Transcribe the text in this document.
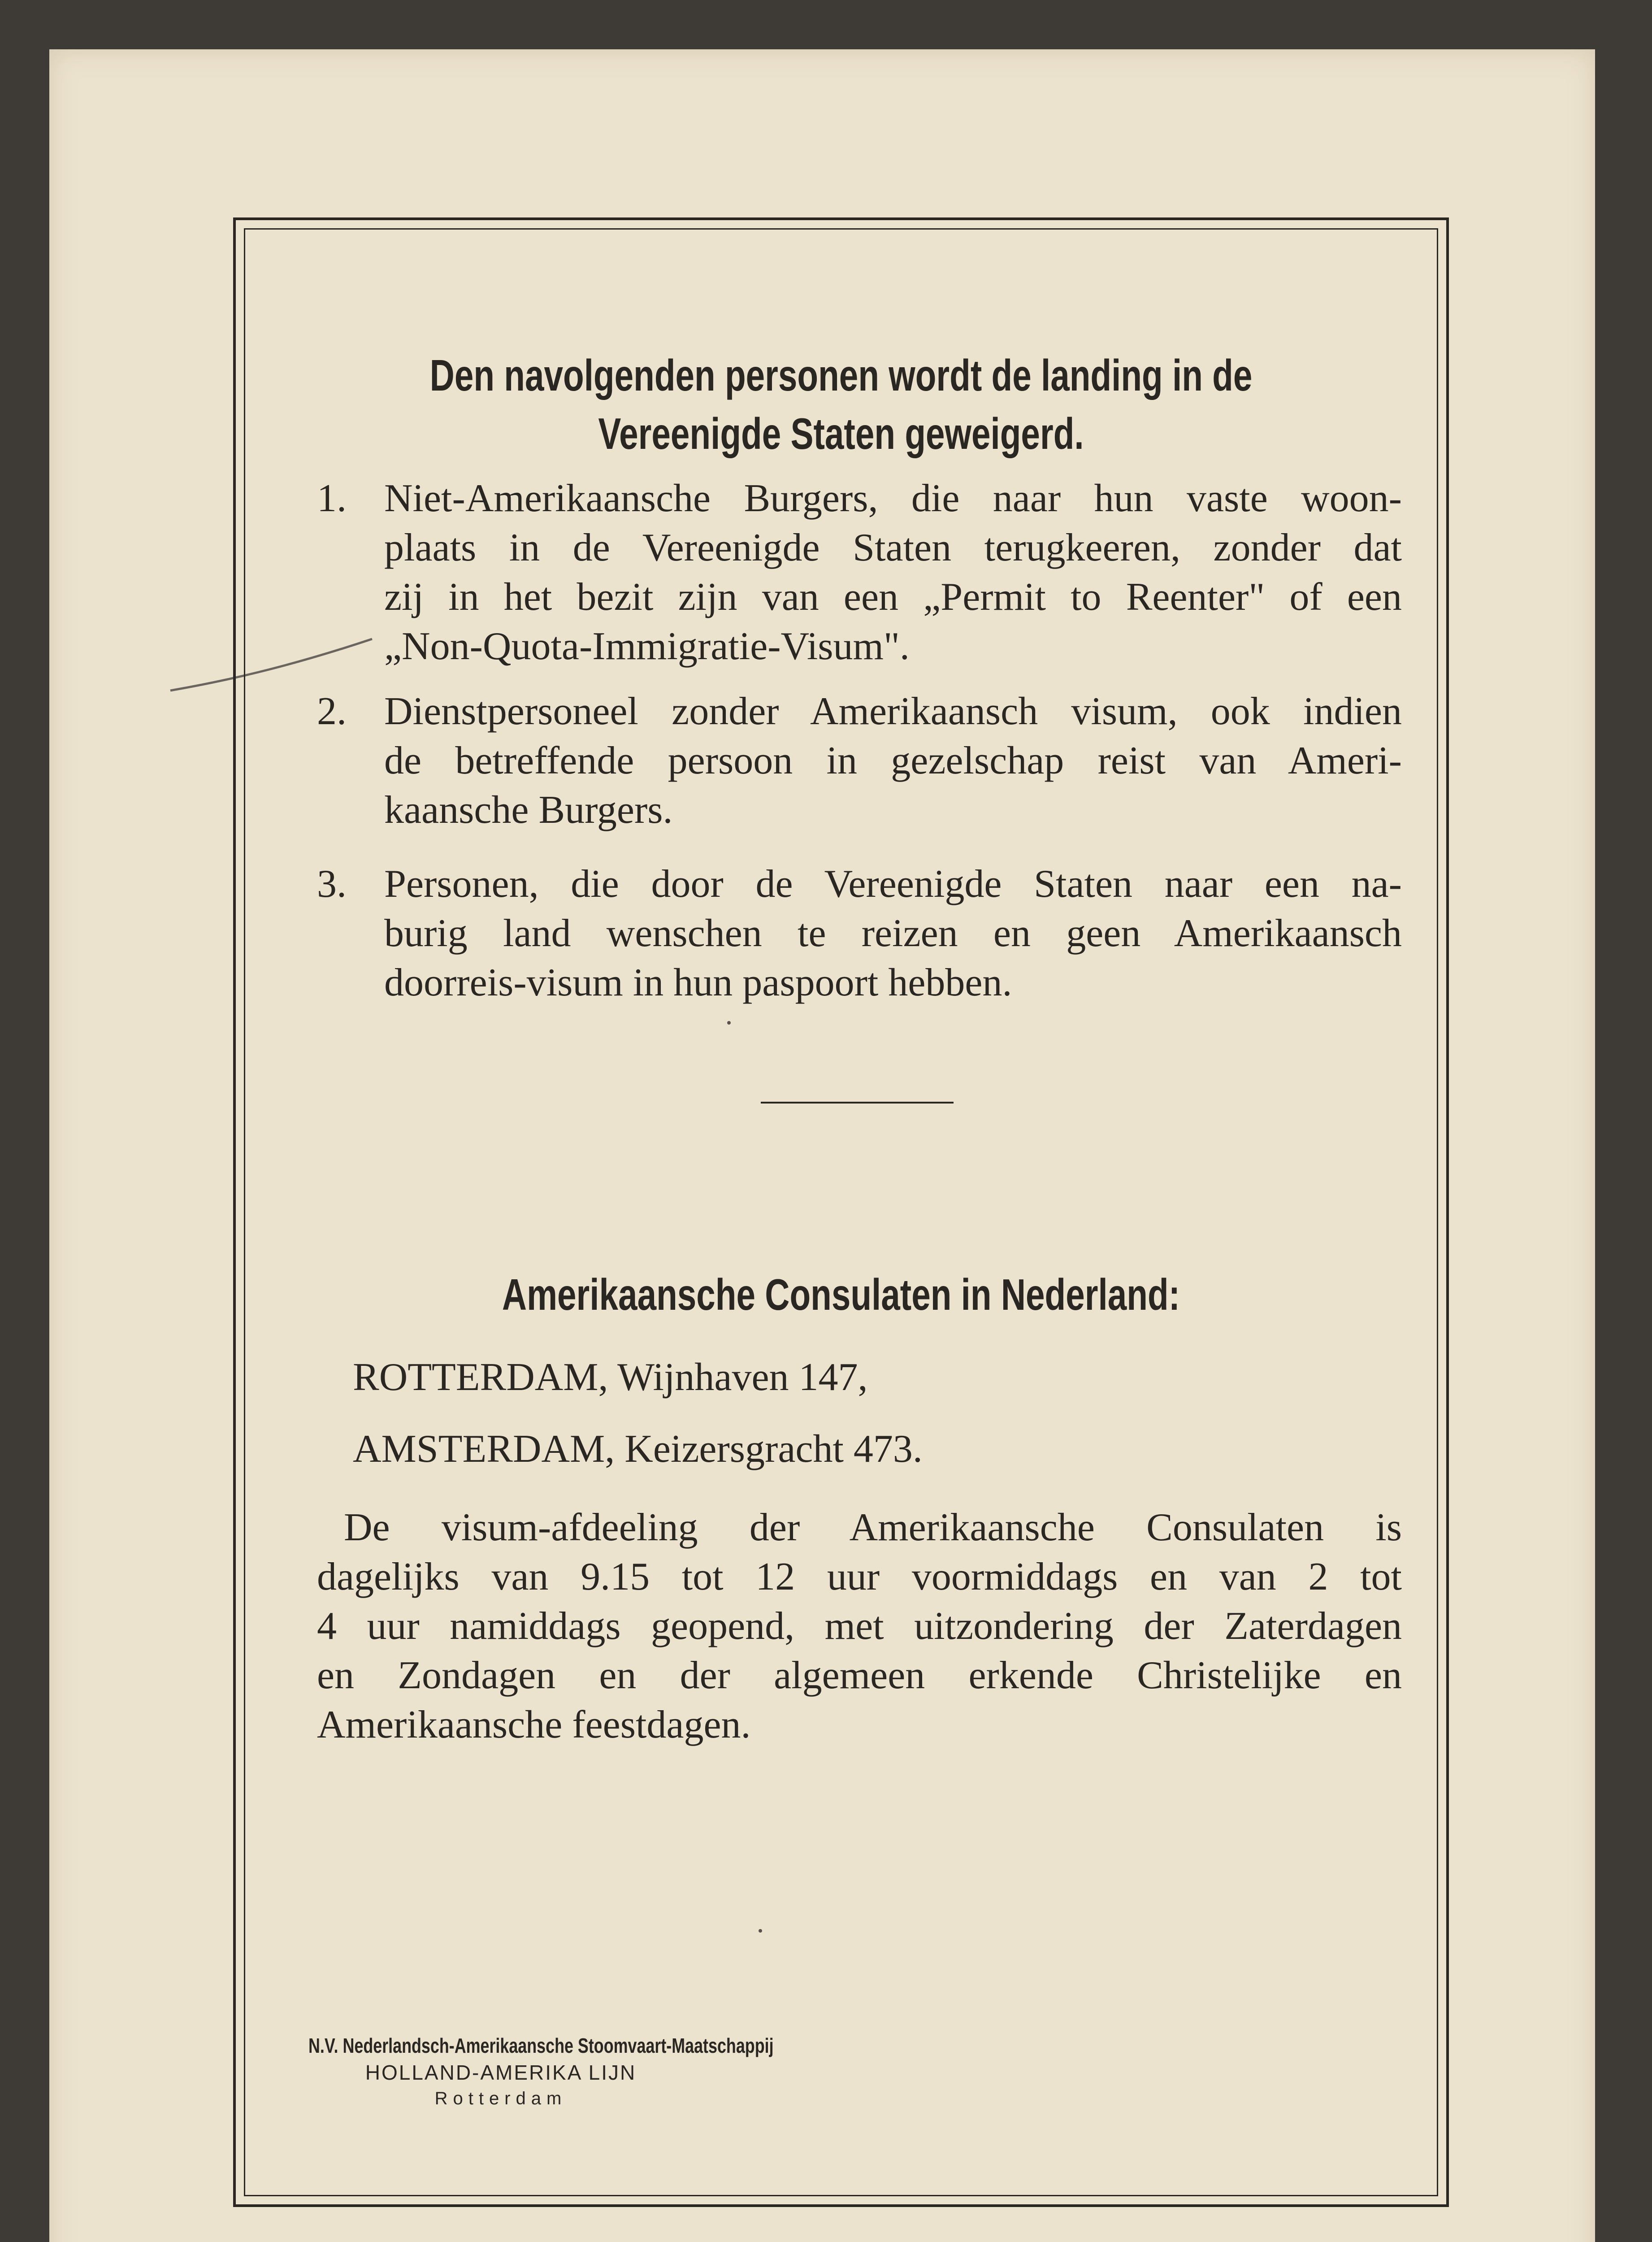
Den navolgenden personen wordt de landing in de
Vereenigde Staten geweigerd.
1. Niet-Amerikaansche Burgers, die naar hun vaste woon-
plaats in de Vereenigde Staten terugkeeren, zonder dat
zij in het bezit zijn van een „Permit to Reenter" of een
„Non-Quota-Immigratie-Visum".
2. Dienstpersoneel zonder Amerikaansch visum, ook indien
de betreffende persoon in gezelschap reist van Ameri-
kaansche Burgers.
3. Personen, die door de Vereenigde Staten naar een na-
burig land wenschen te reizen en geen Amerikaansch
doorreis-visum in hun paspoort hebben.
Amerikaansche Consulaten in Nederland:
ROTTERDAM, Wijnhaven 147,
AMSTERDAM, Keizersgracht 473.
De visum-afdeeling der Amerikaansche Consulaten is
dagelijks van 9.15 tot 12 uur voormiddags en van 2 tot
4 uur namiddags geopend, met uitzondering der Zaterdagen
en Zondagen en der algemeen erkende Christelijke en
Amerikaansche feestdagen.
N.V. Nederlandsch-Amerikaansche Stoomvaart-Maatschappij
HOLLAND-AMERIKA LIJN
Rotterdam
